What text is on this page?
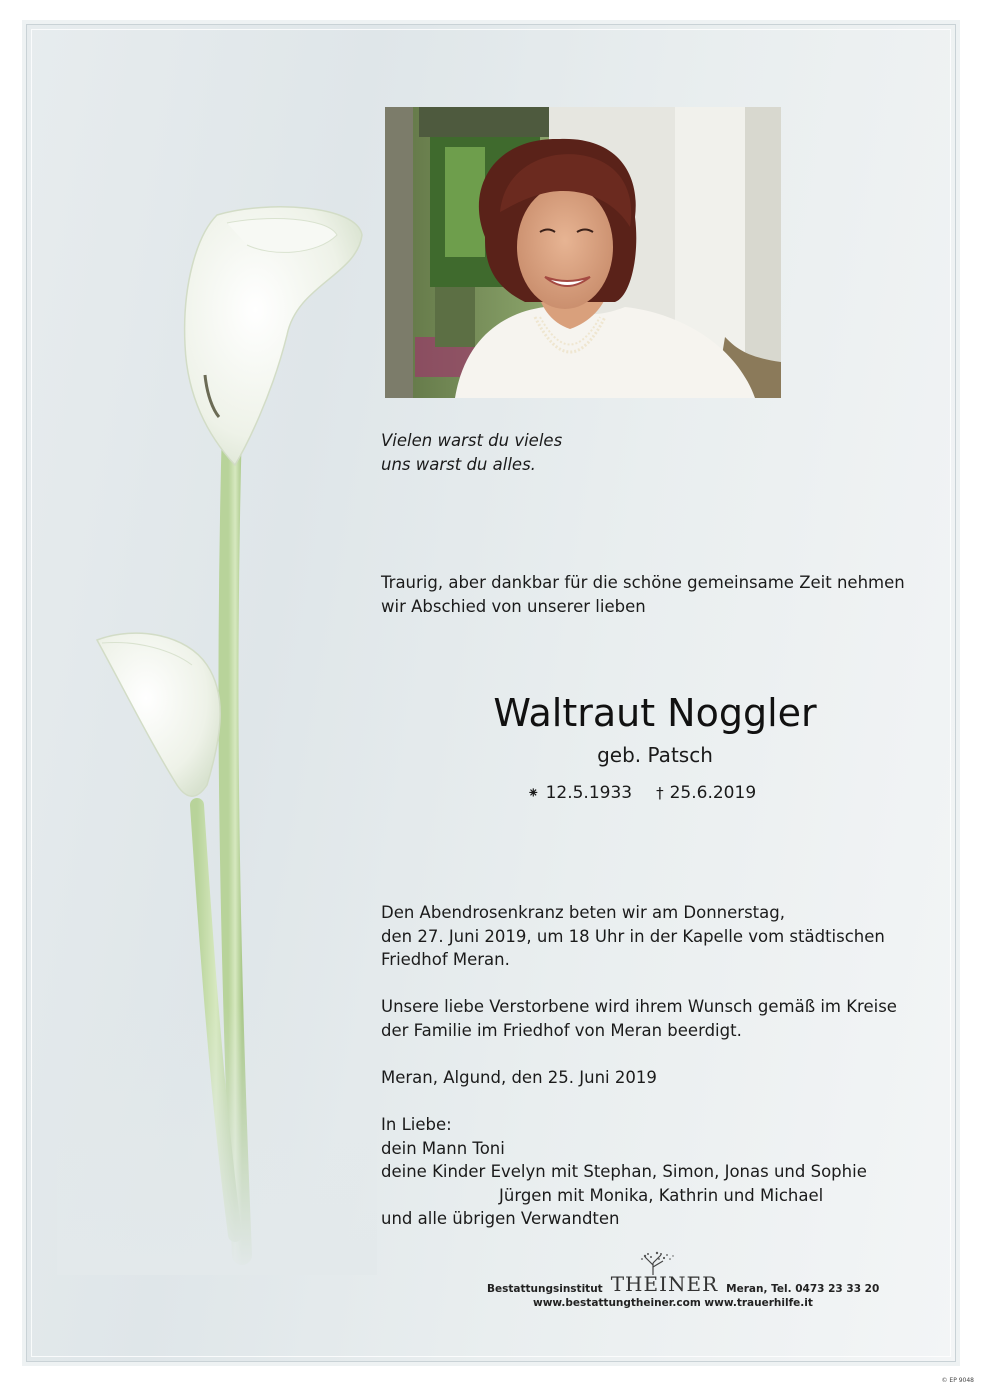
Vielen warst du vieles
uns warst du alles.
Traurig, aber dankbar für die schöne gemeinsame Zeit nehmen
wir Abschied von unserer lieben
Waltraut Noggler
geb. Patsch
⁕ 12.5.1933 † 25.6.2019
Den Abendrosenkranz beten wir am Donnerstag,
den 27. Juni 2019, um 18 Uhr in der Kapelle vom städtischen
Friedhof Meran.
Unsere liebe Verstorbene wird ihrem Wunsch gemäß im Kreise
der Familie im Friedhof von Meran beerdigt.
Meran, Algund, den 25. Juni 2019
In Liebe:
dein Mann Toni
deine Kinder Evelyn mit Stephan, Simon, Jonas und Sophie
Jürgen mit Monika, Kathrin und Michael
und alle übrigen Verwandten
Bestattungsinstitut THEINER Meran, Tel. 0473 23 33 20
www.bestattungtheiner.com www.trauerhilfe.it
© EP 9048
